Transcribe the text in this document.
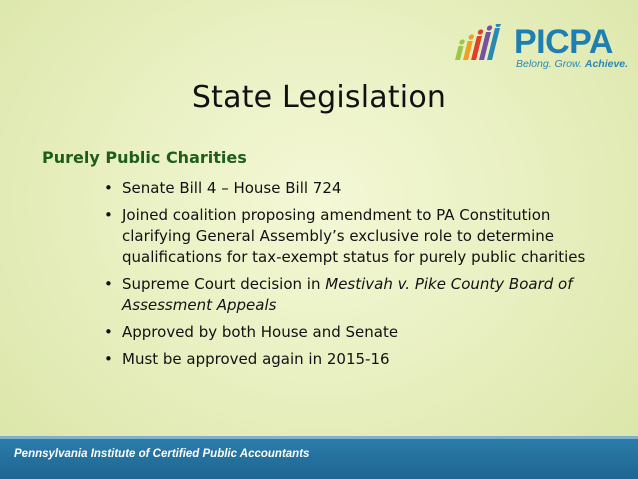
PICPA
Belong. Grow. Achieve.
State Legislation
Purely Public Charities
• Senate Bill 4 – House Bill 724
• Joined coalition proposing amendment to PA Constitution clarifying General Assembly’s exclusive role to determine qualifications for tax-exempt status for purely public charities
• Supreme Court decision in Mestivah v. Pike County Board of Assessment Appeals
• Approved by both House and Senate
• Must be approved again in 2015-16
Pennsylvania Institute of Certified Public Accountants
